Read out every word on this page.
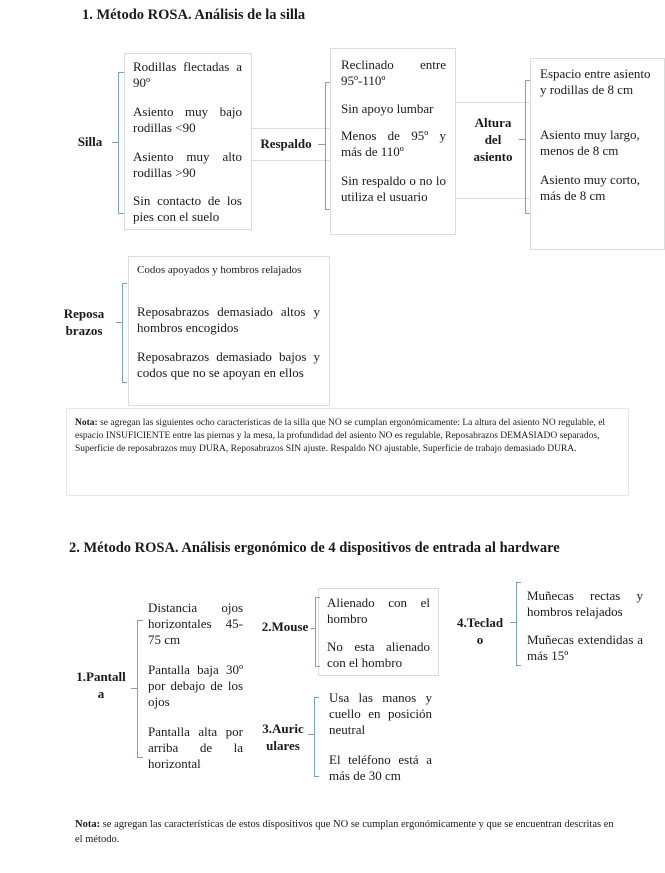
1. Método ROSA. Análisis de la silla
Silla
Rodillas flectadas a 90º
Asiento muy bajo rodillas <90
Asiento muy alto rodillas >90
Sin contacto de los pies con el suelo
Respaldo
Reclinado entre 95º-110º
Sin apoyo lumbar
Menos de 95º y más de 110º
Sin respaldo o no lo utiliza el usuario
Altura
del
asiento
Espacio entre asiento y rodillas de 8 cm
Asiento muy largo, menos de 8 cm
Asiento muy corto, más de 8 cm
Reposa
brazos
Codos apoyados y hombros relajados
Reposabrazos demasiado altos y hombros encogidos
Reposabrazos demasiado bajos y codos que no se apoyan en ellos
Nota: se agregan las siguientes ocho características de la silla que NO se cumplan ergonómicamente: La altura del asiento NO regulable, el espacio INSUFICIENTE entre las piernas y la mesa, la profundidad del asiento NO es regulable, Reposabrazos DEMASIADO separados, Superficie de reposabrazos muy DURA, Reposabrazos SIN ajuste. Respaldo NO ajustable, Superficie de trabajo demasiado DURA.
2. Método ROSA. Análisis ergonómico de 4 dispositivos de entrada al hardware
1.Pantall
a
Distancia ojos horizontales 45-75 cm
Pantalla baja 30º por debajo de los ojos
Pantalla alta por arriba de la horizontal
2.Mouse
Alienado con el hombro
No esta alienado con el hombro
3.Auric
ulares
Usa las manos y cuello en posición neutral
El teléfono está a más de 30 cm
4.Teclad
o
Muñecas rectas y hombros relajados
Muñecas extendidas a más 15º
Nota: se agregan las características de estos dispositivos que NO se cumplan ergonómicamente y que se encuentran descritas en el método.
